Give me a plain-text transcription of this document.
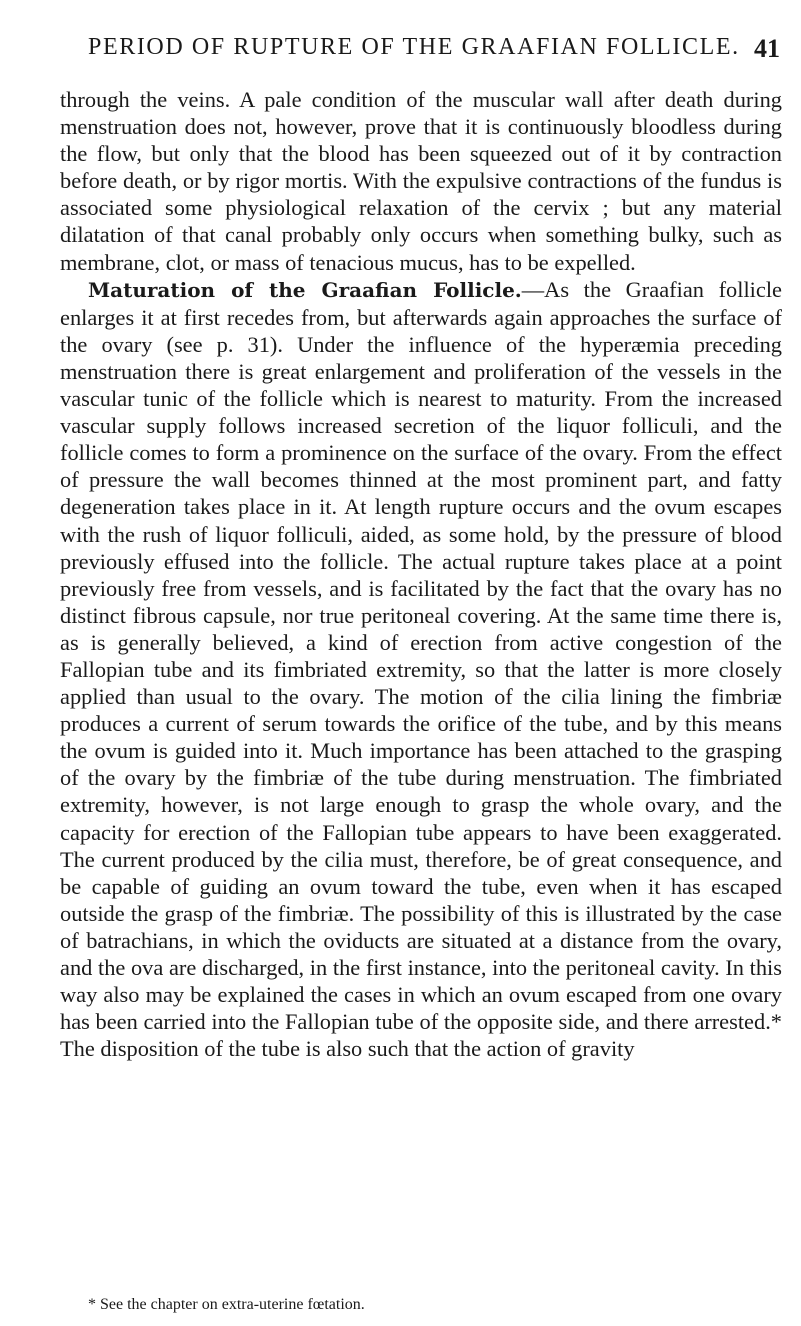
PERIOD OF RUPTURE OF THE GRAAFIAN FOLLICLE. 41

through the veins. A pale condition of the muscular wall after death during menstruation does not, however, prove that it is continuously bloodless during the flow, but only that the blood has been squeezed out of it by contraction before death, or by rigor mortis. With the expulsive contractions of the fundus is associated some physiological relaxation of the cervix ; but any material dilatation of that canal probably only occurs when something bulky, such as membrane, clot, or mass of tenacious mucus, has to be expelled.

Maturation of the Graafian Follicle.—As the Graafian follicle enlarges it at first recedes from, but afterwards again approaches the surface of the ovary (see p. 31). Under the influence of the hyperæmia preceding menstruation there is great enlargement and proliferation of the vessels in the vascular tunic of the follicle which is nearest to maturity. From the increased vascular supply follows increased secretion of the liquor folliculi, and the follicle comes to form a prominence on the surface of the ovary. From the effect of pressure the wall becomes thinned at the most prominent part, and fatty degeneration takes place in it. At length rupture occurs and the ovum escapes with the rush of liquor folliculi, aided, as some hold, by the pressure of blood previously effused into the follicle. The actual rupture takes place at a point previously free from vessels, and is facilitated by the fact that the ovary has no distinct fibrous capsule, nor true peritoneal covering. At the same time there is, as is generally believed, a kind of erection from active congestion of the Fallopian tube and its fimbriated extremity, so that the latter is more closely applied than usual to the ovary. The motion of the cilia lining the fimbriæ produces a current of serum towards the orifice of the tube, and by this means the ovum is guided into it. Much importance has been attached to the grasping of the ovary by the fimbriæ of the tube during menstruation. The fimbriated extremity, however, is not large enough to grasp the whole ovary, and the capacity for erection of the Fallopian tube appears to have been exaggerated. The current produced by the cilia must, therefore, be of great consequence, and be capable of guiding an ovum toward the tube, even when it has escaped outside the grasp of the fimbriæ. The possibility of this is illustrated by the case of batrachians, in which the oviducts are situated at a distance from the ovary, and the ova are discharged, in the first instance, into the peritoneal cavity. In this way also may be explained the cases in which an ovum escaped from one ovary has been carried into the Fallopian tube of the opposite side, and there arrested.* The disposition of the tube is also such that the action of gravity

* See the chapter on extra-uterine fœtation.
